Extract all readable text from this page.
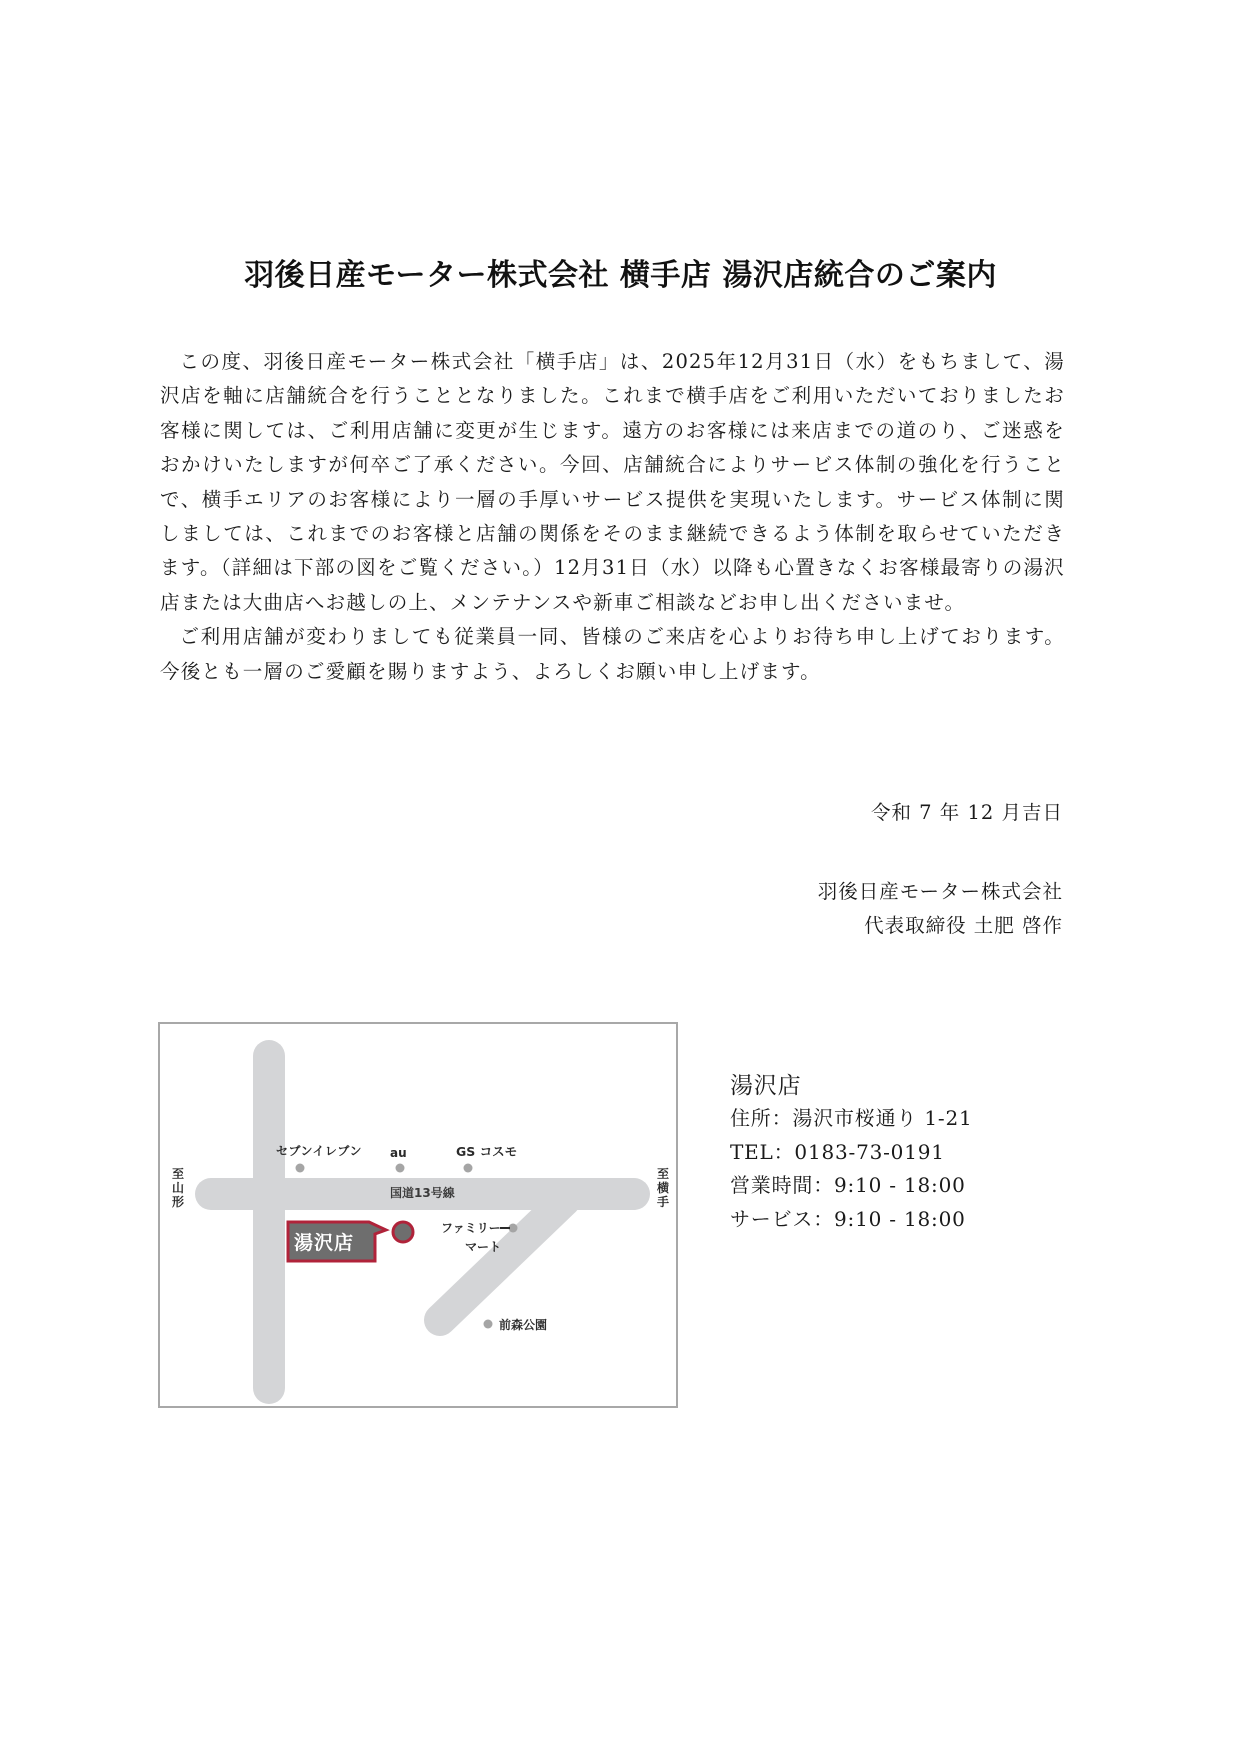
羽後日産モーター株式会社 横手店 湯沢店統合のご案内

この度、羽後日産モーター株式会社「横手店」は、2025年12月31日（水）をもちまして、湯沢店を軸に店舗統合を行うこととなりました。これまで横手店をご利用いただいておりましたお客様に関しては、ご利用店舗に変更が生じます。遠方のお客様には来店までの道のり、ご迷惑をおかけいたしますが何卒ご了承ください。今回、店舗統合によりサービス体制の強化を行うことで、横手エリアのお客様により一層の手厚いサービス提供を実現いたします。サービス体制に関しましては、これまでのお客様と店舗の関係をそのまま継続できるよう体制を取らせていただきます。（詳細は下部の図をご覧ください。）12月31日（水）以降も心置きなくお客様最寄りの湯沢店または大曲店へお越しの上、メンテナンスや新車ご相談などお申し出くださいませ。

ご利用店舗が変わりましても従業員一同、皆様のご来店を心よりお待ち申し上げております。今後とも一層のご愛顧を賜りますよう、よろしくお願い申し上げます。

令和 7 年 12 月吉日
羽後日産モーター株式会社
代表取締役 土肥 啓作
セブンイレブン au	GS コスモ
国道13号線
ファミリー
マート
前森公園
湯沢店
至
山
形
至
横
手
湯沢店
住所：湯沢市桜通り 1-21
TEL：0183-73-0191
営業時間：9:10 - 18:00
サービス：9:10 - 18:00
